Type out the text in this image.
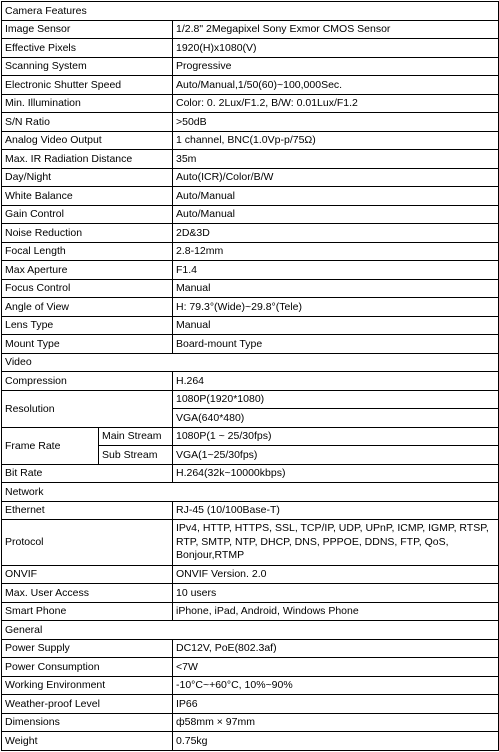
Camera Features		
Image Sensor		1/2.8" 2Megapixel Sony Exmor CMOS Sensor
Effective Pixels		1920(H)x1080(V)
Scanning System		Progressive
Electronic Shutter Speed		Auto/Manual,1/50(60)~100,000Sec.
Min. Illumination		Color: 0. 2Lux/F1.2, B/W: 0.01Lux/F1.2
S/N Ratio		>50dB
Analog Video Output		1 channel, BNC(1.0Vp-p/75Ω)
Max. IR Radiation Distance		35m
Day/Night		Auto(ICR)/Color/B/W
White Balance		Auto/Manual
Gain Control		Auto/Manual
Noise Reduction		2D&3D
Focal Length		2.8-12mm
Max Aperture		F1.4
Focus Control		Manual
Angle of View		H: 79.3°(Wide)~29.8°(Tele)
Lens Type		Manual
Mount Type		Board-mount Type
Video		
Compression		H.264
Resolution		1080P(1920*1080)
		VGA(640*480)
Frame Rate	Main Stream	1080P(1 ~ 25/30fps)
	Sub Stream	VGA(1~25/30fps)
Bit Rate		H.264(32k~10000kbps)
Network		
Ethernet		RJ-45 (10/100Base-T)
Protocol		IPv4, HTTP, HTTPS, SSL, TCP/IP, UDP, UPnP, ICMP, IGMP, RTSP, RTP, SMTP, NTP, DHCP, DNS, PPPOE, DDNS, FTP, QoS, Bonjour,RTMP
ONVIF		ONVIF Version. 2.0
Max. User Access		10 users
Smart Phone		iPhone, iPad, Android, Windows Phone
General		
Power Supply		DC12V, PoE(802.3af)
Power Consumption		<7W
Working Environment		-10°C~+60°C, 10%~90%
Weather-proof Level		IP66
Dimensions		ф58mm × 97mm
Weight		0.75kg
